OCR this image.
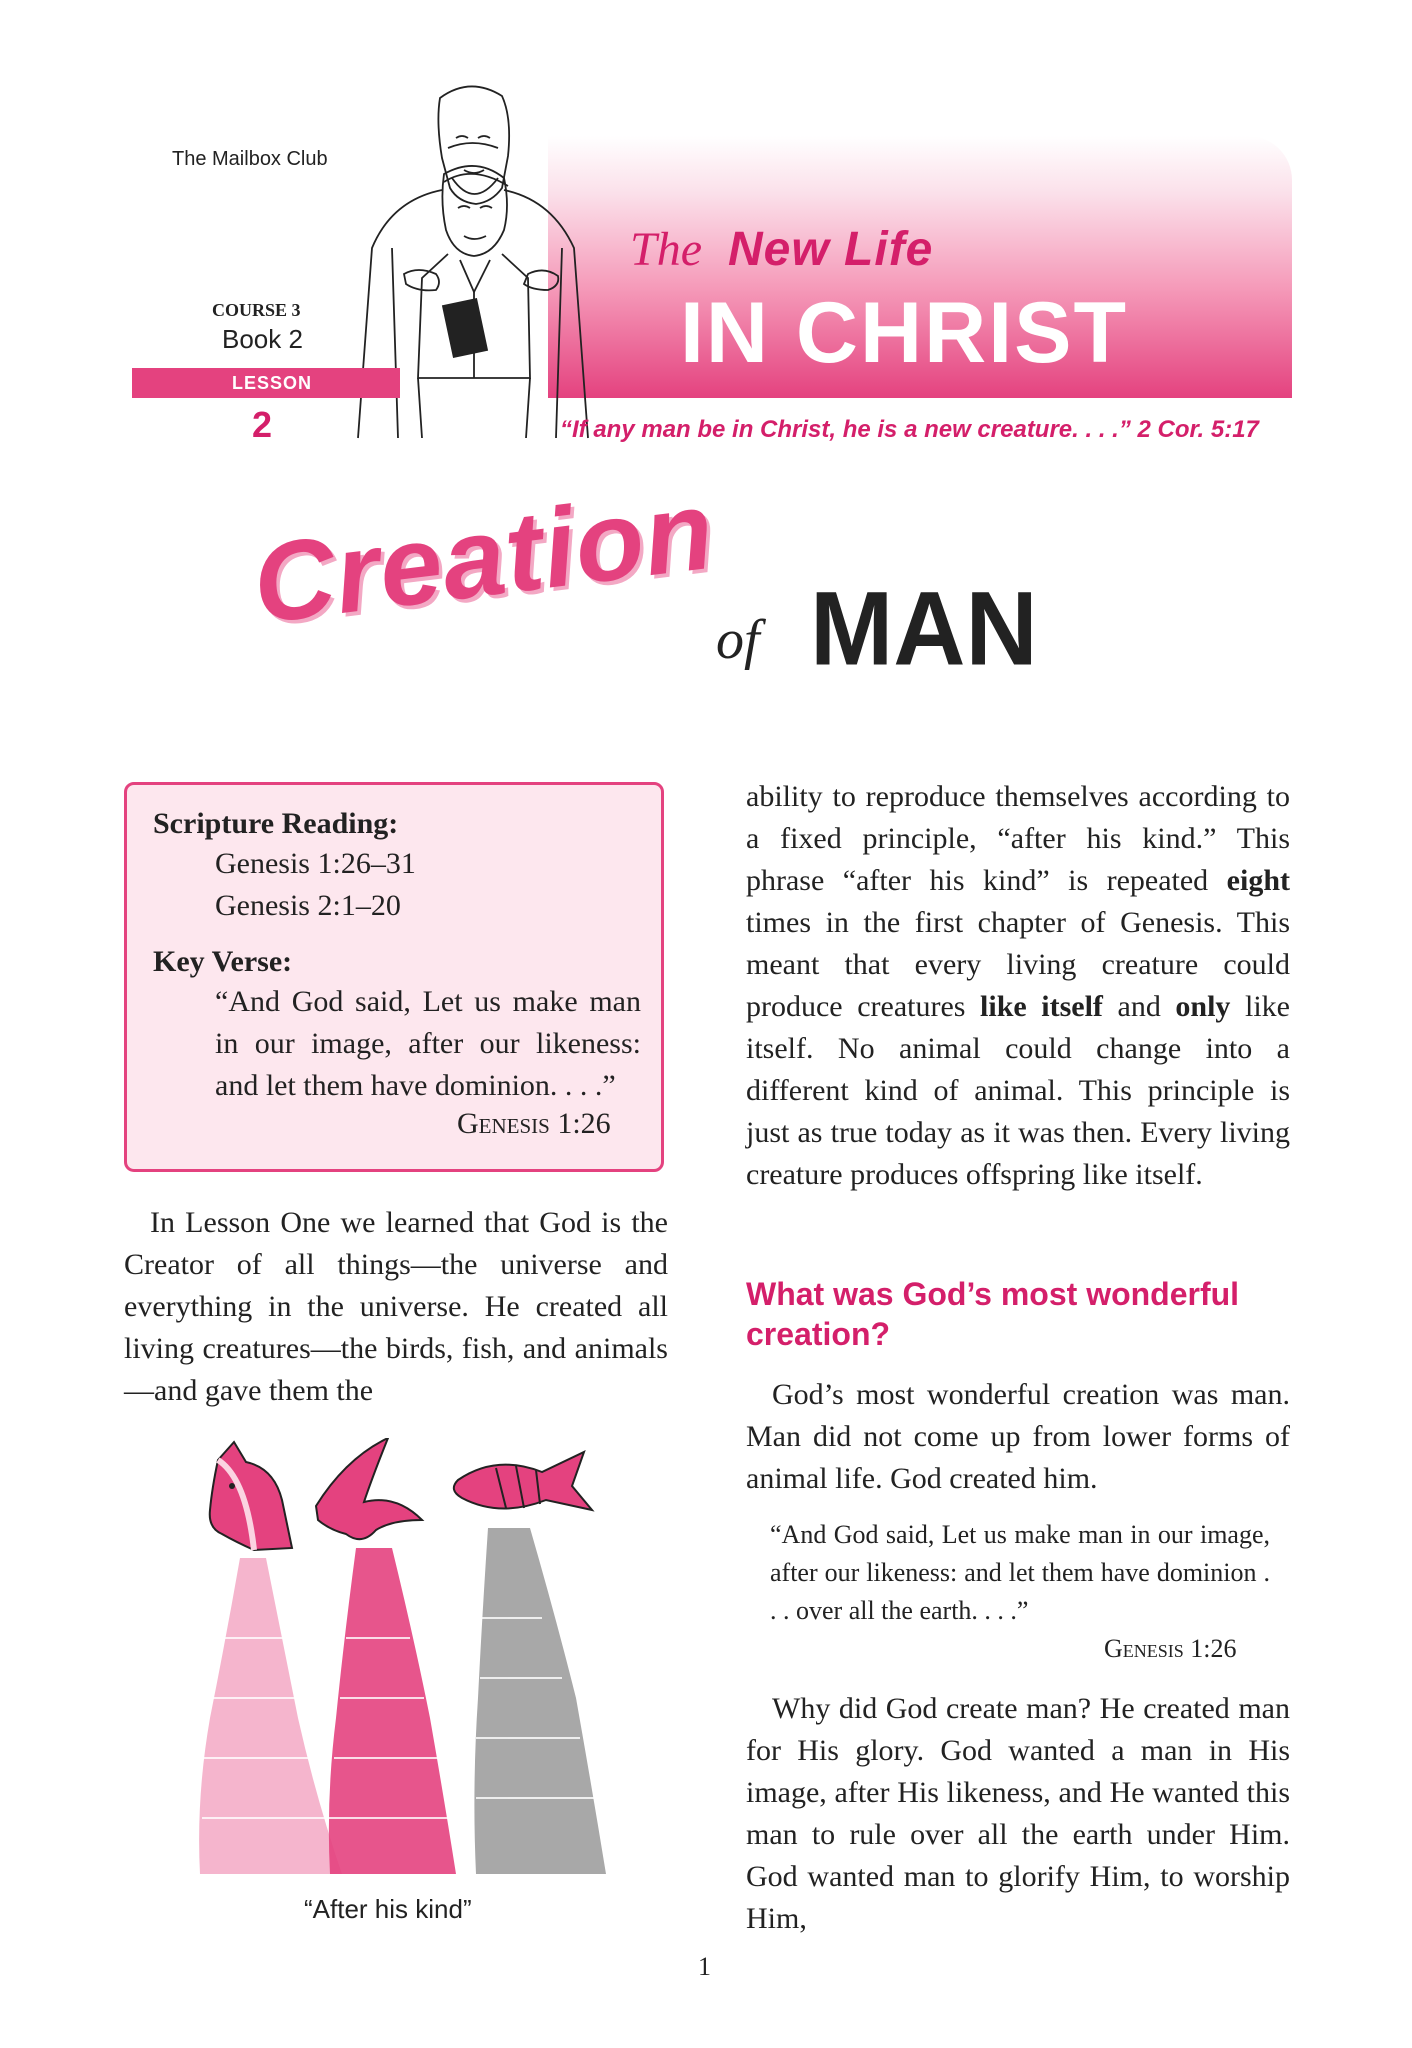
The Mailbox Club
The New Life
IN CHRIST
COURSE 3
Book 2
LESSON
2	“If any man be in Christ, he is a new creature. . . .” 2 Cor. 5:17
Creation
of MAN
Scripture Reading:
Genesis 1:26–31
Genesis 2:1–20
Key Verse:
“And God said, Let us make man in our image, after our likeness: and let them have dominion. . . .”
Genesis 1:26
In Lesson One we learned that God is the Creator of all things—the universe and everything in the universe. He created all living creatures—the birds, fish, and animals—and gave them the
“After his kind”
ability to reproduce themselves according to a fixed principle, “after his kind.” This phrase “after his kind” is repeated eight times in the first chapter of Genesis. This meant that every living creature could produce creatures like itself and only like itself. No animal could change into a different kind of animal. This principle is just as true today as it was then. Every living creature produces offspring like itself.
What was God’s most wonderful creation?
God’s most wonderful creation was man. Man did not come up from lower forms of animal life. God created him.
“And God said, Let us make man in our image, after our likeness: and let them have dominion . . . over all the earth. . . .”
Genesis 1:26
Why did God create man? He created man for His glory. God wanted a man in His image, after His likeness, and He wanted this man to rule over all the earth under Him. God wanted man to glorify Him, to worship Him,
1
